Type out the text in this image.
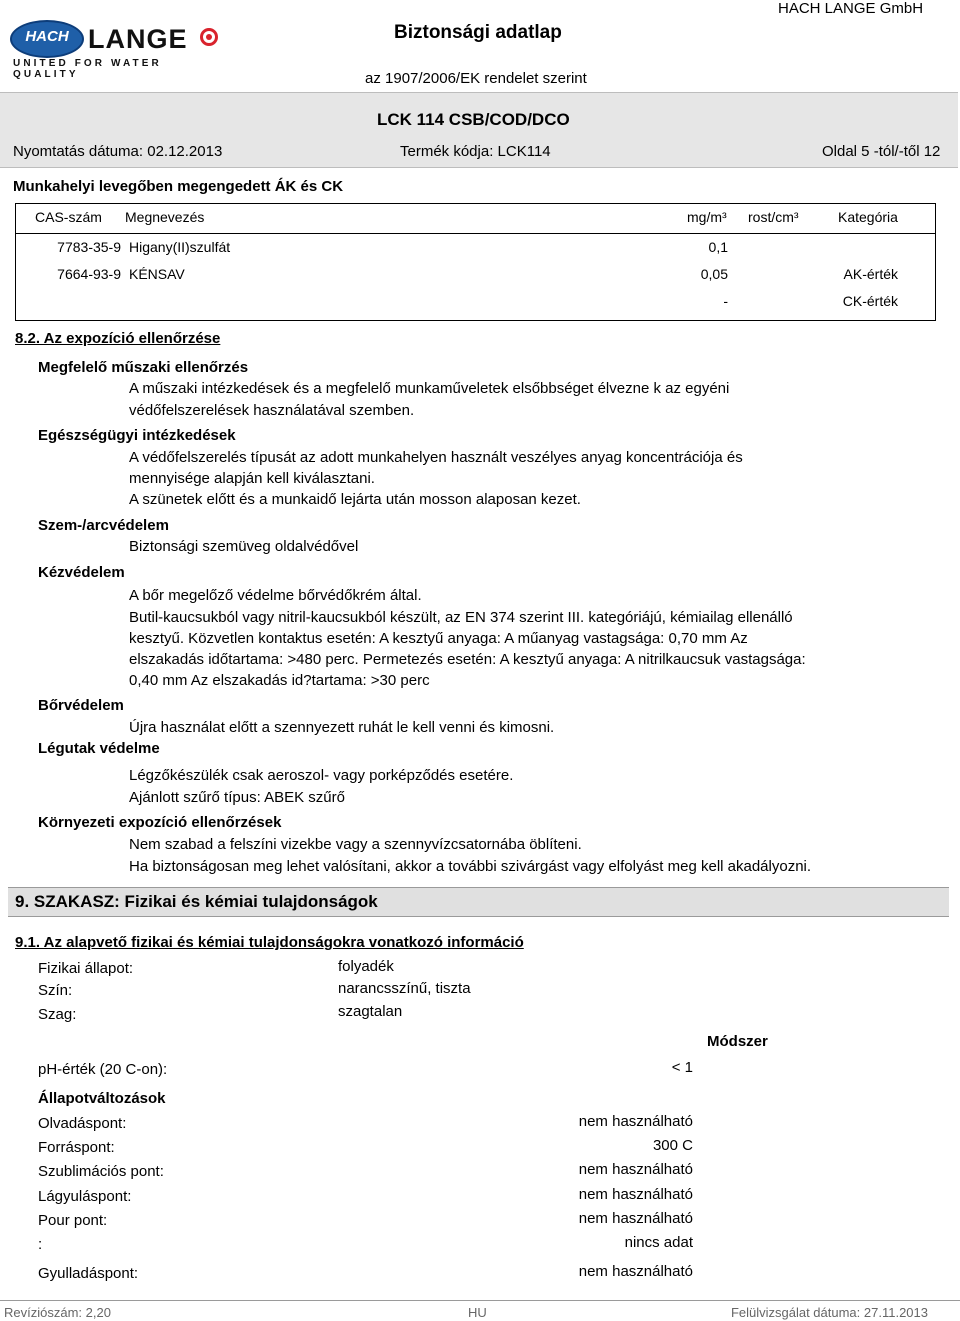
HACH LANGE
UNITED FOR WATER QUALITY
Biztonsági adatlap
HACH LANGE GmbH
az 1907/2006/EK rendelet szerint
LCK 114 CSB/COD/DCO
Nyomtatás dátuma: 02.12.2013	Termék kódja: LCK114	Oldal 5 -tól/-től 12
Munkahelyi levegőben megengedett ÁK és CK
CAS-szám Megnevezés	mg/m³ rost/cm³	Kategória
7783-35-9 Higany(II)szulfát	0,1
7664-93-9 KÉNSAV	0,05	AK-érték
-	CK-érték
8.2. Az expozíció ellenőrzése
Megfelelő műszaki ellenőrzés
A műszaki intézkedések és a megfelelő munkaműveletek elsőbbséget élvezne k az egyéni
védőfelszerelések használatával szemben.
Egészségügyi intézkedések
A védőfelszerelés típusát az adott munkahelyen használt veszélyes anyag koncentrációja és
mennyisége alapján kell kiválasztani.
A szünetek előtt és a munkaidő lejárta után mosson alaposan kezet.
Szem-/arcvédelem
Biztonsági szemüveg oldalvédővel
Kézvédelem
A bőr megelőző védelme bőrvédőkrém által.
Butil-kaucsukból vagy nitril-kaucsukból készült, az EN 374 szerint III. kategóriájú, kémiailag ellenálló
kesztyű. Közvetlen kontaktus esetén: A kesztyű anyaga: A műanyag vastagsága: 0,70 mm Az
elszakadás időtartama: >480 perc. Permetezés esetén: A kesztyű anyaga: A nitrilkaucsuk vastagsága:
0,40 mm Az elszakadás id?tartama: >30 perc
Bőrvédelem
Újra használat előtt a szennyezett ruhát le kell venni és kimosni.
Légutak védelme
Légzőkészülék csak aeroszol- vagy porképződés esetére.
Ajánlott szűrő típus: ABEK szűrő
Környezeti expozíció ellenőrzések
Nem szabad a felszíni vizekbe vagy a szennyvízcsatornába öblíteni.
Ha biztonságosan meg lehet valósítani, akkor a további szivárgást vagy elfolyást meg kell akadályozni.
9. SZAKASZ: Fizikai és kémiai tulajdonságok
9.1. Az alapvető fizikai és kémiai tulajdonságokra vonatkozó információ
Fizikai állapot:	folyadék
Szín:	narancsszínű, tiszta
Szag:	szagtalan
Módszer
pH-érték (20 C-on):	< 1
Állapotváltozások
Olvadáspont:	nem használható
Forráspont:	300 C
Szublimációs pont:	nem használható
Lágyuláspont:	nem használható
Pour pont:	nem használható
:	nincs adat
Gyulladáspont:	nem használható
Revíziószám: 2,20	HU	Felülvizsgálat dátuma: 27.11.2013
